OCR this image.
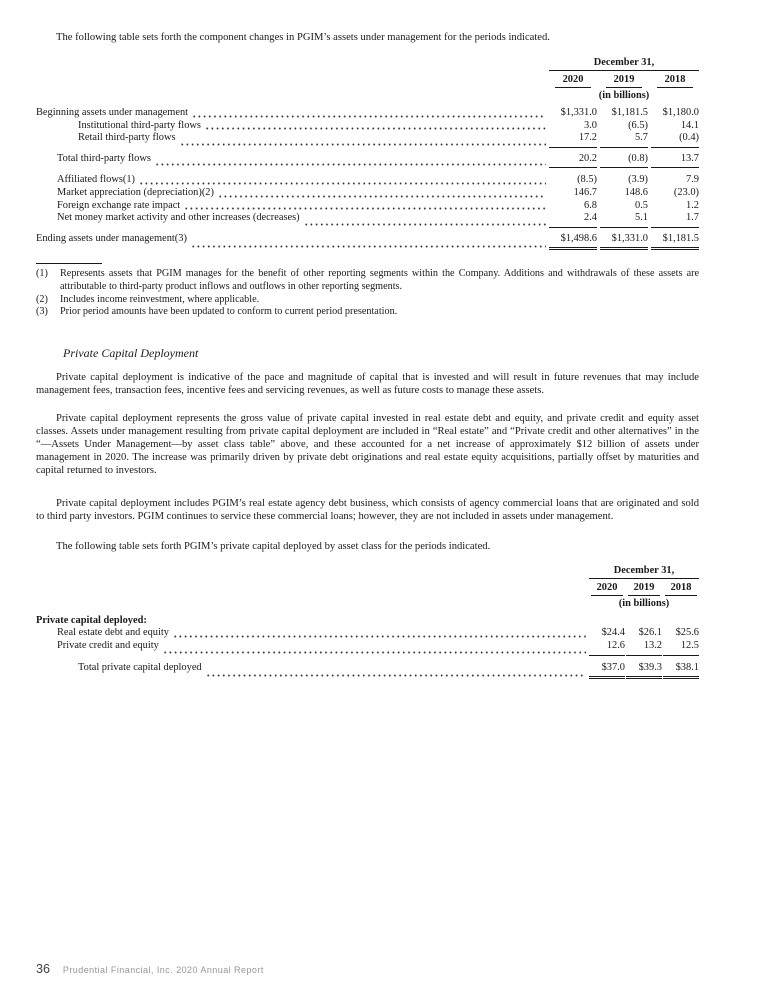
The following table sets forth the component changes in PGIM’s assets under management for the periods indicated.

December 31,
2020	2019	2018
(in billions)
Beginning assets under management	$1,331.0	$1,181.5	$1,180.0
Institutional third-party flows	3.0	(6.5)	14.1
Retail third-party flows	17.2	5.7	(0.4)
Total third-party flows	20.2	(0.8)	13.7
Affiliated flows(1)	(8.5)	(3.9)	7.9
Market appreciation (depreciation)(2)	146.7	148.6	(23.0)
Foreign exchange rate impact	6.8	0.5	1.2
Net money market activity and other increases (decreases)	2.4	5.1	1.7
Ending assets under management(3)	$1,498.6	$1,331.0	$1,181.5
(1)	Represents assets that PGIM manages for the benefit of other reporting segments within the Company. Additions and withdrawals of these assets are attributable to third-party product inflows and outflows in other reporting segments.
(2)	Includes income reinvestment, where applicable.
(3)	Prior period amounts have been updated to conform to current period presentation.
Private Capital Deployment

Private capital deployment is indicative of the pace and magnitude of capital that is invested and will result in future revenues that may include management fees, transaction fees, incentive fees and servicing revenues, as well as future costs to manage these assets.

Private capital deployment represents the gross value of private capital invested in real estate debt and equity, and private credit and equity asset classes. Assets under management resulting from private capital deployment are included in “Real estate” and “Private credit and other alternatives” in the “—Assets Under Management—by asset class table” above, and these accounted for a net increase of approximately $12 billion of assets under management in 2020. The increase was primarily driven by private debt originations and real estate equity acquisitions, partially offset by maturities and capital returned to investors.

Private capital deployment includes PGIM’s real estate agency debt business, which consists of agency commercial loans that are originated and sold to third party investors. PGIM continues to service these commercial loans; however, they are not included in assets under management.

The following table sets forth PGIM’s private capital deployed by asset class for the periods indicated.

December 31,
2020	2019	2018
(in billions)
Private capital deployed:
Real estate debt and equity	$24.4	$26.1	$25.6
Private credit and equity	12.6	13.2	12.5
Total private capital deployed	$37.0	$39.3	$38.1
36 Prudential Financial, Inc. 2020 Annual Report
